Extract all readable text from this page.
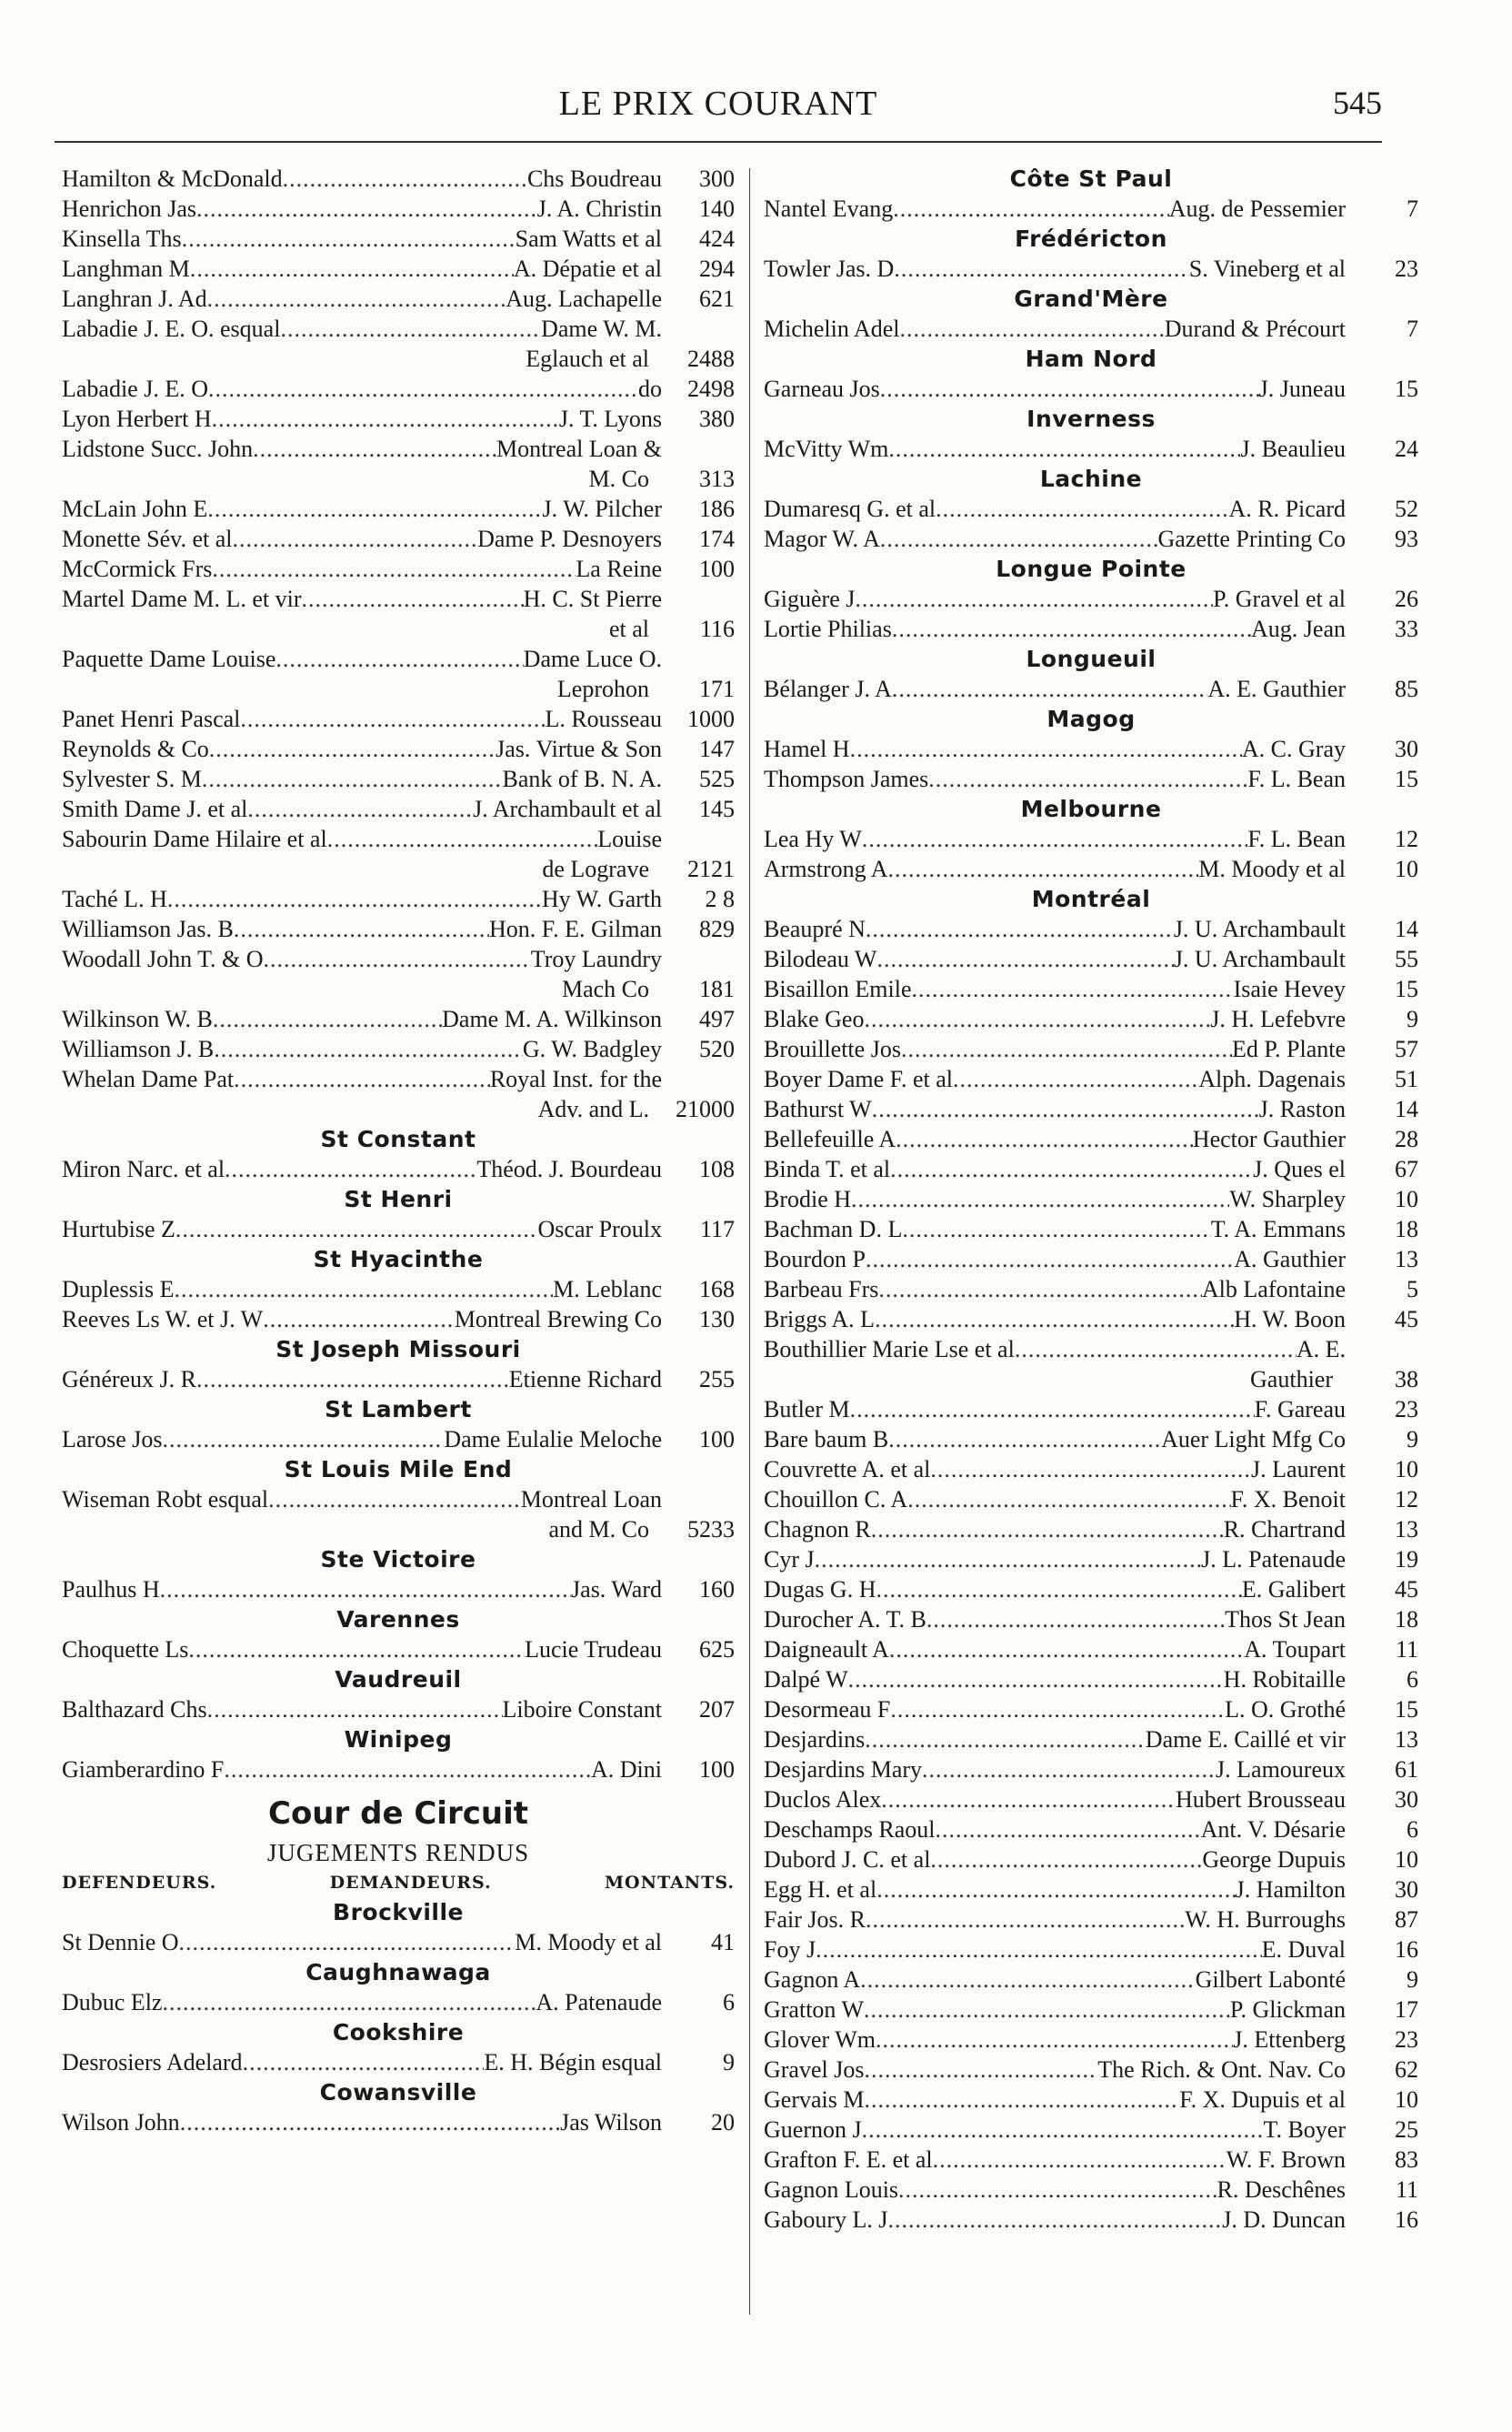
LE PRIX COURANT	545
Hamilton & McDonald .....	Chs Boudreau	300
Henrichon Jas .....	J. A. Christin	140
Kinsella Ths .....	Sam Watts et al	424
Langhman M .....	A. Dépatie et al	294
Langhran J. Ad .....	Aug. Lachapelle	621
Labadie J. E. O. esqual .....	Dame W. M.
Eglauch et al	2488
Labadie J. E. O .....	do	2498
Lyon Herbert H .....	J. T. Lyons	380
Lidstone Succ. John .....	Montreal Loan &
M. Co	313
McLain John E .....	J. W. Pilcher	186
Monette Sév. et al .....	Dame P. Desnoyers	174
McCormick Frs .....	La Reine	100
Martel Dame M. L. et vir .....	H. C. St Pierre
et al	116
Paquette Dame Louise .....	Dame Luce O.
Leprohon	171
Panet Henri Pascal .....	L. Rousseau	1000
Reynolds & Co .....	Jas. Virtue & Son	147
Sylvester S. M .....	Bank of B. N. A.	525
Smith Dame J. et al .....	J. Archambault et al	145
Sabourin Dame Hilaire et al .....	Louise
de Lograve	2121
Taché L. H .....	Hy W. Garth	2 8
Williamson Jas. B .....	Hon. F. E. Gilman	829
Woodall John T. & O .....	Troy Laundry
Mach Co	181
Wilkinson W. B .....	Dame M. A. Wilkinson	497
Williamson J. B .....	G. W. Badgley	520
Whelan Dame Pat .....	Royal Inst. for the
Adv. and L.	21000
St Constant
Miron Narc. et al .....	Théod. J. Bourdeau	108
St Henri
Hurtubise Z .....	Oscar Proulx	117
St Hyacinthe
Duplessis E .....	M. Leblanc	168
Reeves Ls W. et J. W .....	Montreal Brewing Co	130
St Joseph Missouri
Généreux J. R .....	Etienne Richard	255
St Lambert
Larose Jos .....	Dame Eulalie Meloche	100
St Louis Mile End
Wiseman Robt esqual .....	Montreal Loan
and M. Co	5233
Ste Victoire
Paulhus H .....	Jas. Ward	160
Varennes
Choquette Ls .....	Lucie Trudeau	625
Vaudreuil
Balthazard Chs .....	Liboire Constant	207
Winipeg
Giamberardino F .....	A. Dini	100
Cour de Circuit
JUGEMENTS RENDUS
DEFENDEURS.	DEMANDEURS.	MONTANTS.
Brockville
St Dennie O .....	M. Moody et al	41
Caughnawaga
Dubuc Elz .....	A. Patenaude	6
Cookshire
Desrosiers Adelard .....	E. H. Bégin esqual	9
Cowansville
Wilson John .....	Jas Wilson	20
Côte St Paul
Nantel Evang .....	Aug. de Pessemier	7
Frédéricton
Towler Jas. D .....	S. Vineberg et al	23
Grand'Mère
Michelin Adel .....	Durand & Précourt	7
Ham Nord
Garneau Jos .....	J. Juneau	15
Inverness
McVitty Wm .....	J. Beaulieu	24
Lachine
Dumaresq G. et al .....	A. R. Picard	52
Magor W. A .....	Gazette Printing Co	93
Longue Pointe
Giguère J .....	P. Gravel et al	26
Lortie Philias .....	Aug. Jean	33
Longueuil
Bélanger J. A .....	A. E. Gauthier	85
Magog
Hamel H .....	A. C. Gray	30
Thompson James .....	F. L. Bean	15
Melbourne
Lea Hy W .....	F. L. Bean	12
Armstrong A .....	M. Moody et al	10
Montréal
Beaupré N .....	J. U. Archambault	14
Bilodeau W .....	J. U. Archambault	55
Bisaillon Emile .....	Isaie Hevey	15
Blake Geo .....	J. H. Lefebvre	9
Brouillette Jos .....	Ed P. Plante	57
Boyer Dame F. et al .....	Alph. Dagenais	51
Bathurst W .....	J. Raston	14
Bellefeuille A .....	Hector Gauthier	28
Binda T. et al .....	J. Ques el	67
Brodie H .....	W. Sharpley	10
Bachman D. L .....	T. A. Emmans	18
Bourdon P .....	A. Gauthier	13
Barbeau Frs .....	Alb Lafontaine	5
Briggs A. L .....	H. W. Boon	45
Bouthillier Marie Lse et al .....	A. E.
Gauthier	38
Butler M .....	F. Gareau	23
Bare baum B .....	Auer Light Mfg Co	9
Couvrette A. et al .....	J. Laurent	10
Chouillon C. A .....	F. X. Benoit	12
Chagnon R .....	R. Chartrand	13
Cyr J .....	J. L. Patenaude	19
Dugas G. H .....	E. Galibert	45
Durocher A. T. B .....	Thos St Jean	18
Daigneault A .....	A. Toupart	11
Dalpé W .....	H. Robitaille	6
Desormeau F .....	L. O. Grothé	15
Desjardins .....	Dame E. Caillé et vir	13
Desjardins Mary .....	J. Lamoureux	61
Duclos Alex .....	Hubert Brousseau	30
Deschamps Raoul .....	Ant. V. Désarie	6
Dubord J. C. et al .....	George Dupuis	10
Egg H. et al .....	J. Hamilton	30
Fair Jos. R .....	W. H. Burroughs	87
Foy J .....	E. Duval	16
Gagnon A .....	Gilbert Labonté	9
Gratton W .....	P. Glickman	17
Glover Wm .....	J. Ettenberg	23
Gravel Jos .....	The Rich. & Ont. Nav. Co	62
Gervais M .....	F. X. Dupuis et al	10
Guernon J .....	T. Boyer	25
Grafton F. E. et al .....	W. F. Brown	83
Gagnon Louis .....	R. Deschênes	11
Gaboury L. J .....	J. D. Duncan	16
